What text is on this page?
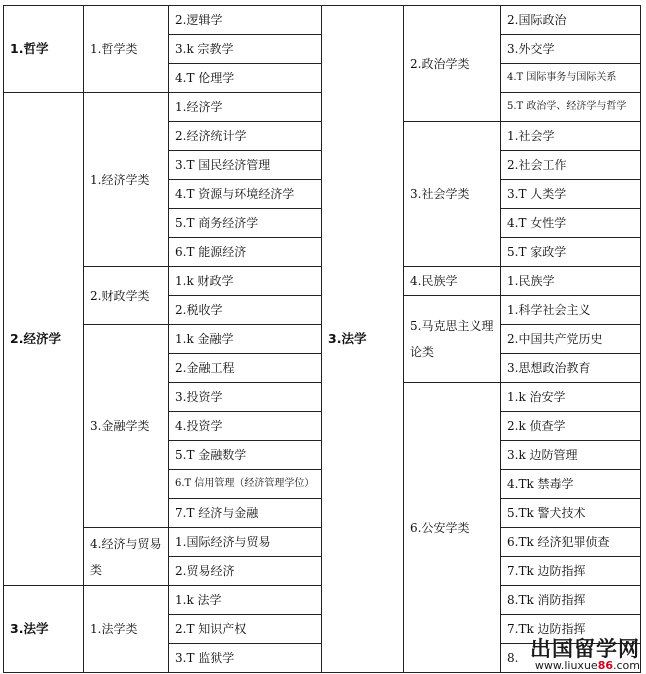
1.哲学
2.经济学
3.法学
1.哲学类
1.经济学类
2.财政学类
3.金融学类
4.经济与贸易类
1.法学类
2.逻辑学
3.k 宗教学
4.T 伦理学
1.经济学
2.经济统计学
3.T 国民经济管理
4.T 资源与环境经济学
5.T 商务经济学
6.T 能源经济
1.k 财政学
2.税收学
1.k 金融学
2.金融工程
3.投资学
4.投资学
5.T 金融数学
6.T 信用管理（经济管理学位）
7.T 经济与金融
1.国际经济与贸易
2.贸易经济
1.k 法学
2.T 知识产权
3.T 监狱学
3.法学
2.政治学类
3.社会学类
4.民族学
5.马克思主义理论类
6.公安学类
2.国际政治
3.外交学
4.T 国际事务与国际关系
5.T 政治学、经济学与哲学
1.社会学
2.社会工作
3.T 人类学
4.T 女性学
5.T 家政学
1.民族学
1.科学社会主义
2.中国共产党历史
3.思想政治教育
1.k 治安学
2.k 侦查学
3.k 边防管理
4.Tk 禁毒学
5.Tk 警犬技术
6.Tk 经济犯罪侦查
7.Tk 边防指挥
8.Tk 消防指挥
7.Tk 边防指挥
8. 出国留学网
www.liuxue86.com
